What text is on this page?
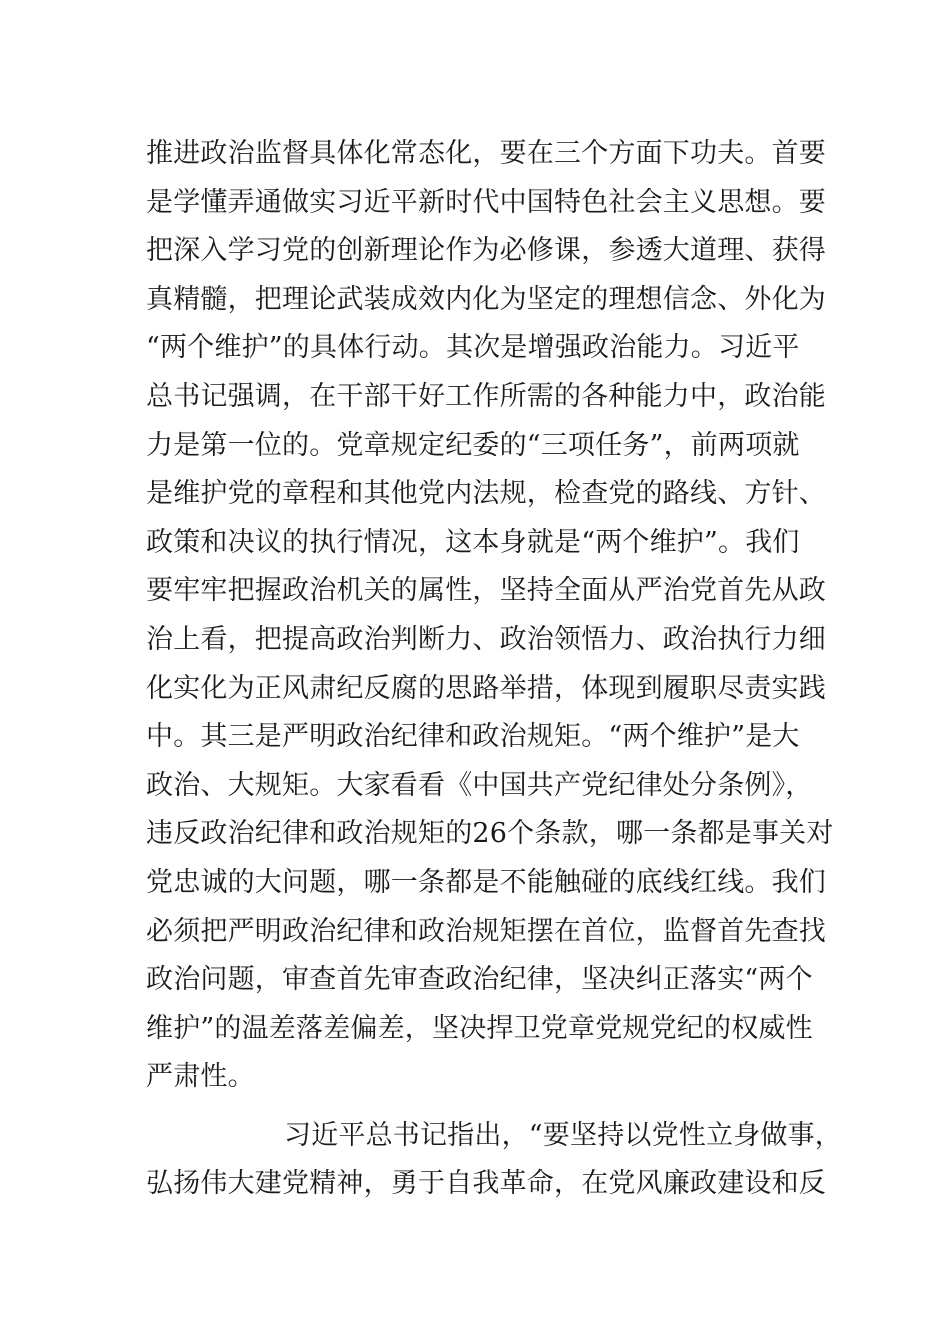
推进政治监督具体化常态化，要在三个方面下功夫。首要
是学懂弄通做实习近平新时代中国特色社会主义思想。要
把深入学习党的创新理论作为必修课，参透大道理、获得
真精髓，把理论武装成效内化为坚定的理想信念、外化为
“两个维护”的具体行动。其次是增强政治能力。习近平
总书记强调，在干部干好工作所需的各种能力中，政治能
力是第一位的。党章规定纪委的“三项任务”，前两项就
是维护党的章程和其他党内法规，检查党的路线、方针、
政策和决议的执行情况，这本身就是“两个维护”。我们
要牢牢把握政治机关的属性，坚持全面从严治党首先从政
治上看，把提高政治判断力、政治领悟力、政治执行力细
化实化为正风肃纪反腐的思路举措，体现到履职尽责实践
中。其三是严明政治纪律和政治规矩。“两个维护”是大
政治、大规矩。大家看看《中国共产党纪律处分条例》，
违反政治纪律和政治规矩的26个条款，哪一条都是事关对
党忠诚的大问题，哪一条都是不能触碰的底线红线。我们
必须把严明政治纪律和政治规矩摆在首位，监督首先查找
政治问题，审查首先审查政治纪律，坚决纠正落实“两个
维护”的温差落差偏差，坚决捍卫党章党规党纪的权威性
严肃性。
习近平总书记指出，“要坚持以党性立身做事，
弘扬伟大建党精神，勇于自我革命，在党风廉政建设和反
